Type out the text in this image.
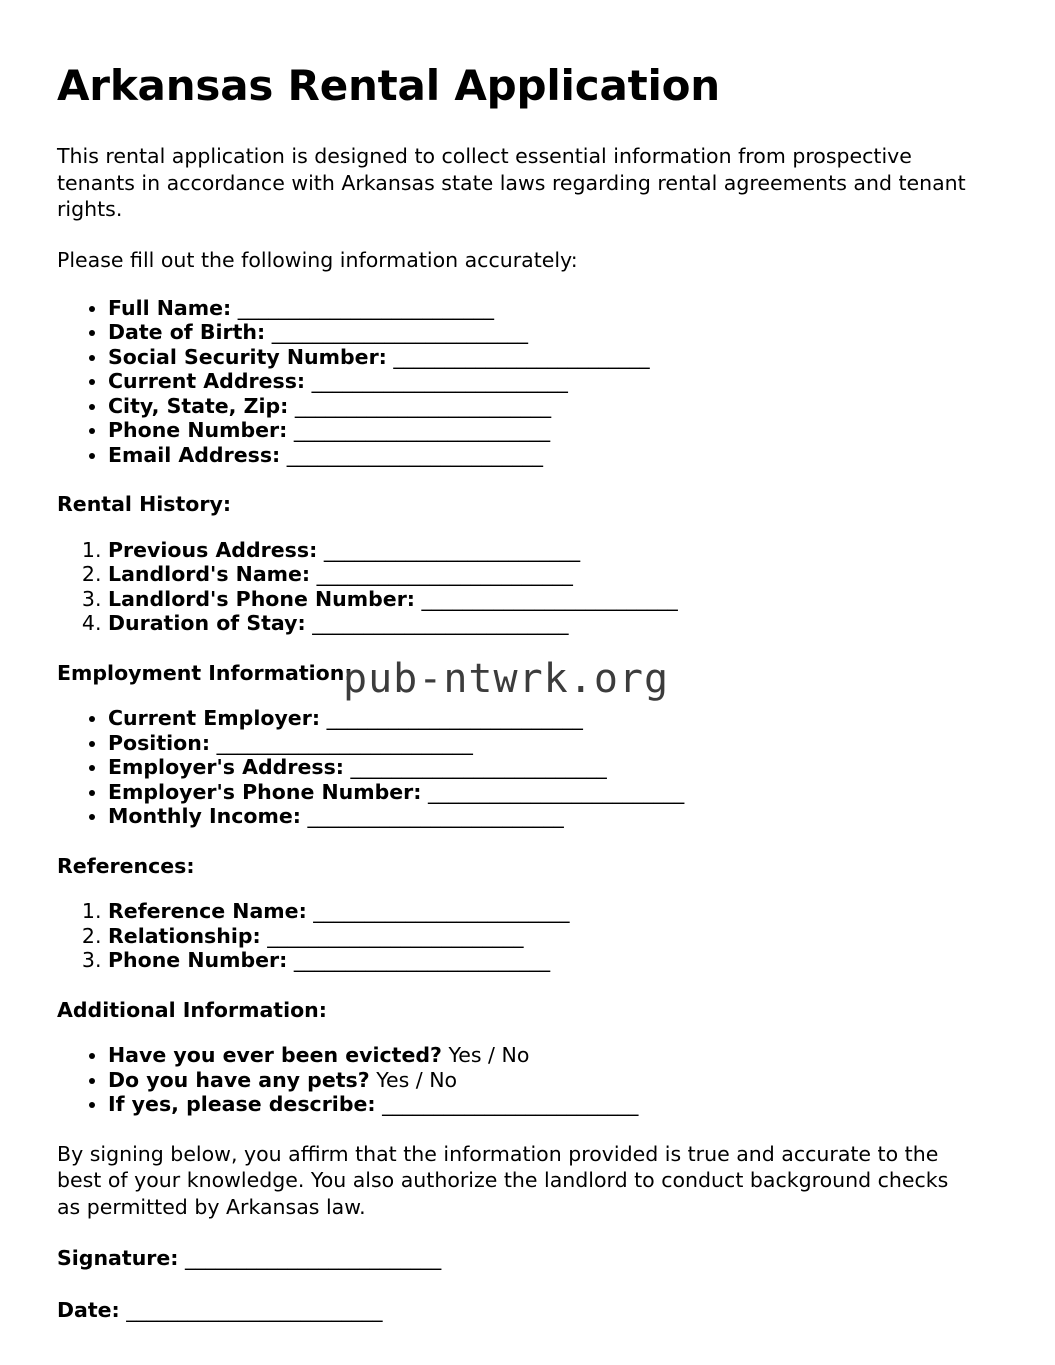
Arkansas Rental Application

This rental application is designed to collect essential information from prospective tenants in accordance with Arkansas state laws regarding rental agreements and tenant rights.

Please fill out the following information accurately:

• Full Name: _________________________
• Date of Birth: _________________________
• Social Security Number: _________________________
• Current Address: _________________________
• City, State, Zip: _________________________
• Phone Number: _________________________
• Email Address: _________________________
Rental History:
1. Previous Address: _________________________
2. Landlord's Name: _________________________
3. Landlord's Phone Number: _________________________
4. Duration of Stay: _________________________
Employment Information:
• Current Employer: _________________________
• Position: _________________________
• Employer's Address: _________________________
• Employer's Phone Number: _________________________
• Monthly Income: _________________________
References:
1. Reference Name: _________________________
2. Relationship: _________________________
3. Phone Number: _________________________
Additional Information:
• Have you ever been evicted? Yes / No
• Do you have any pets? Yes / No
• If yes, please describe: _________________________

By signing below, you affirm that the information provided is true and accurate to the best of your knowledge. You also authorize the landlord to conduct background checks as permitted by Arkansas law.

Signature: _________________________
Date: _________________________
pub-ntwrk.org
